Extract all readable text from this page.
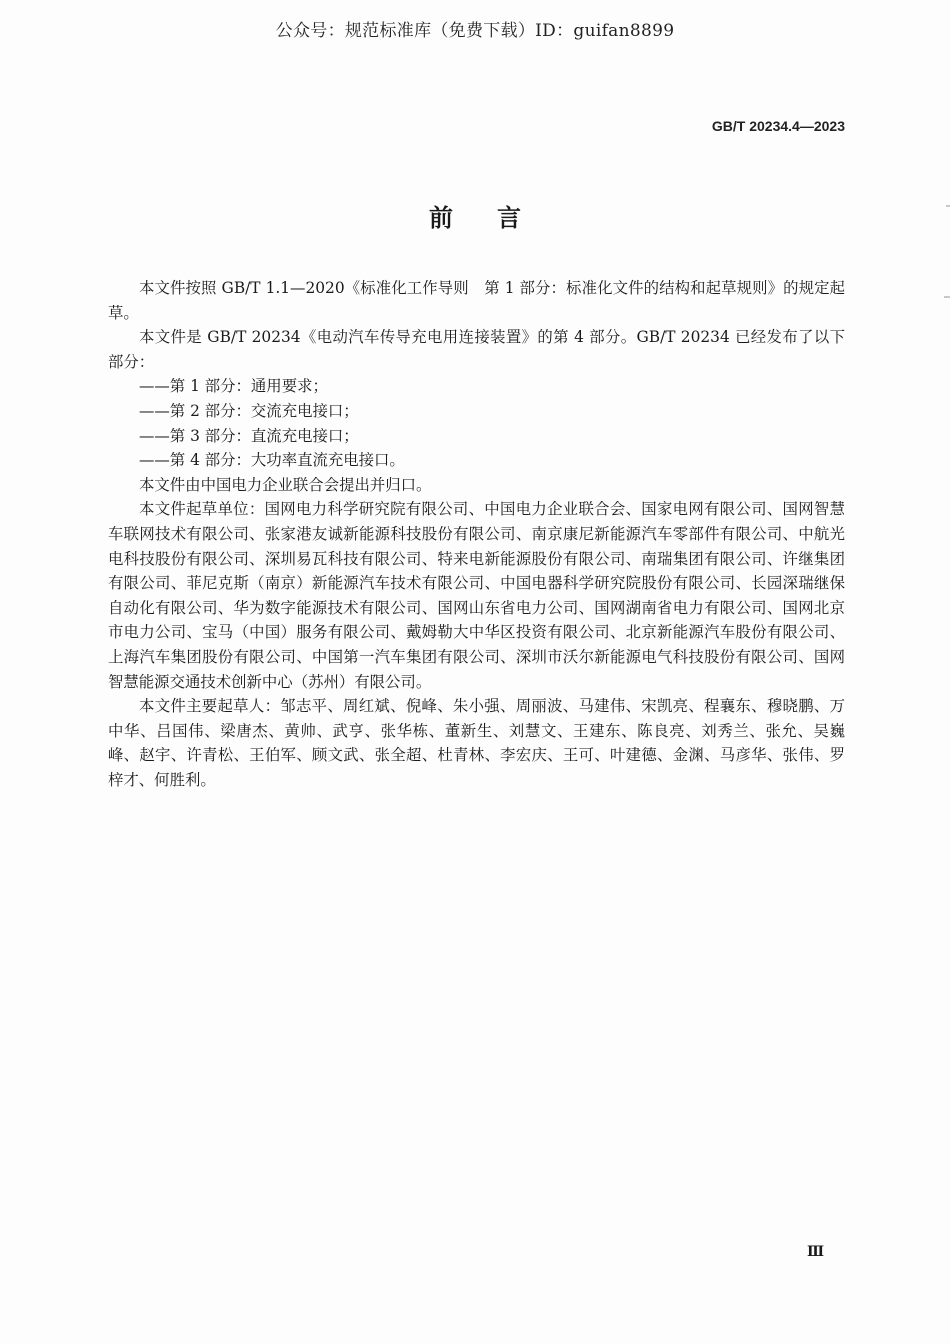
公众号：规范标准库（免费下载）ID：guifan8899
GB/T 20234.4—2023
前言

本文件按照 GB/T 1.1—2020《标准化工作导则　第 1 部分：标准化文件的结构和起草规则》的规定起草。

本文件是 GB/T 20234《电动汽车传导充电用连接装置》的第 4 部分。GB/T 20234 已经发布了以下部分：

——第 1 部分：通用要求；

——第 2 部分：交流充电接口；

——第 3 部分：直流充电接口；

——第 4 部分：大功率直流充电接口。

本文件由中国电力企业联合会提出并归口。

本文件起草单位：国网电力科学研究院有限公司、中国电力企业联合会、国家电网有限公司、国网智慧车联网技术有限公司、张家港友诚新能源科技股份有限公司、南京康尼新能源汽车零部件有限公司、中航光电科技股份有限公司、深圳易瓦科技有限公司、特来电新能源股份有限公司、南瑞集团有限公司、许继集团有限公司、菲尼克斯（南京）新能源汽车技术有限公司、中国电器科学研究院股份有限公司、长园深瑞继保自动化有限公司、华为数字能源技术有限公司、国网山东省电力公司、国网湖南省电力有限公司、国网北京市电力公司、宝马（中国）服务有限公司、戴姆勒大中华区投资有限公司、北京新能源汽车股份有限公司、上海汽车集团股份有限公司、中国第一汽车集团有限公司、深圳市沃尔新能源电气科技股份有限公司、国网智慧能源交通技术创新中心（苏州）有限公司。

本文件主要起草人：邹志平、周红斌、倪峰、朱小强、周丽波、马建伟、宋凯亮、程襄东、穆晓鹏、万中华、吕国伟、梁唐杰、黄帅、武亨、张华栋、董新生、刘慧文、王建东、陈良亮、刘秀兰、张允、吴巍峰、赵宇、许青松、王伯军、顾文武、张全超、杜青林、李宏庆、王可、叶建德、金渊、马彦华、张伟、罗梓才、何胜利。

Ⅲ
